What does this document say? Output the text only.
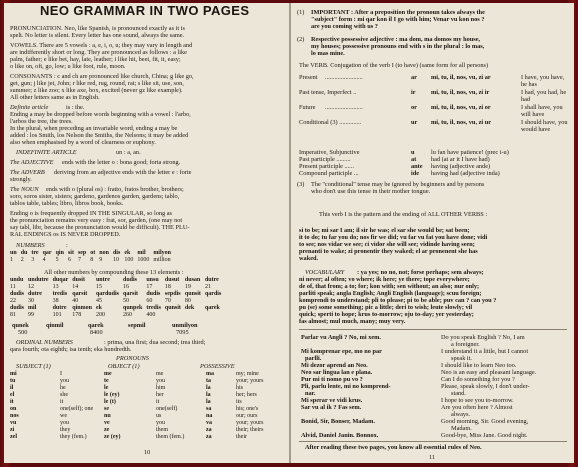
NEO GRAMMAR IN TWO PAGES
PRONUNCIATION. Neo, like Spanish, is pronounced exactly as it is
spelt. No letter is silent. Every letter has one sound, always the same.
VOWELS. There are 5 vowels : a, e, i, o, u; they may vary in length and
are indifferently short or long. They are pronounced as follows : a like
palm, father; e like bet, hay, late, leather; i like hit, beet, fit, it, easy;
o like on, oft, go, low; u like foot, rule, moon.
CONSONANTS : c and ch are pronounced like church, China; g like go,
get, gun; j like jet, John; r like red, rug, round, rat; s like sit, use, son,
summer; z like zoo; x like axe, box, excited (never gz like example).
All other letters same as in English.
Definite article	is : the.
Ending a may be dropped before words beginning with a vowel : l'arbo,
l'arbos the tree, the trees.
In the plural, when preceding an invariable word, ending a may be
added : los Smith, los Nelson the Smiths, the Nelsons; it may be added
also when emphasised by a word of clearness or euphony.
INDEFINITE ARTICLE	un : a, an.
The ADJECTIVE ends with the letter o : bona good; forta strong.
The ADVERB deriving from an adjective ends with the letter e : forte
strongly.
The NOUN ends with o (plural os) : fratto, fratos brother, brothers;
soro, soros sister, sisters; gardeno, gardenos garden, gardens; tablo,
tablos table, tables; libro, libros book, books.
Ending o is frequently dropped IN THE SINGULAR, so long as
the pronunciation remains very easy : frat, sor, garden, (one may not
say tabl, libr, because the pronunciation would be difficult). THE PLU-
RAL ENDINGS os IS NEVER DROPPED.
NUMBERS	:
un	du	tre	qar	qin	sit	sep	ot	non	dis	ek	mil	milyon
1	2	3	4	5	6	7	8	9	10	100	1000	million
All other numbers by compounding these 13 elements :
undu	undutre	duqar	dusit	untre	dudis	unsu	dusut	dusan	dutre
11	12	13	14	15	16	17	18	19	21
dudis	dutre	tredis	qarsit	qardudis	qarsit	dudis	sepdis	qunsit	qardis
22	30	38	40	45	50	60	70	80	
dudis	mil	dutre	qinmon	ek	qunpek	tredis	qunsit	dek	qarek
81	99	101	178	200	260	400			
qunek	qinmil	qarek	sepmil	unmilyon
500	8400	7095
ORDINAL NUMBERS	: prima, una first; dua second; trea third;
qara fourth; ota eighth; isa tenth; eka hundredth.
PRONOUNS
SUBJECT (1)	OBJECT (1)	POSSESSIVE
mi	I	me	me	ma	my; mine
tu	you	te	you	ta	your; yours
il	he	le	him	la	his
el	she	le (ey)	her	la	her; hers
it	it	le (t)	it	la	its
on	one(self); one	se	one(self)	sa	his; one's
nos	we	nu	us	na	our; ours
vu	you	ve	you	va	your; yours
zi	they	ze	them	za	their; theirs
zel	they (fem.)	ze (ey)	them (fem.)	za	their
10
(1) IMPORTANT : After a preposition the pronoun takes always the
"subject" form : mi qar kon il I go with him; Venar vu kon nos ?
are you coming with us ?
(2) Respective possessive adjective : ma dom, ma domos my house,
my houses; possessive pronouns end with s in the plural : lo mas,
lo mas mine.
The VERB. Conjugation of the verb I (to have) (same form for all persons)
Present ........................	ar mi, tu, il, nos, vu, zi ar	I have, you have, he has
Past tense, Imperfect ..	ir mi, tu, il, nos, vu, zi ir	I had, you had, he had
Future ........................	or mi, tu, il, nos, vu, zi or	I shall have, you will have
Conditional (3) ..............	ur mi, tu, il, nos, vu, zi ur	I should have, you would have
Imperative, Subjunctive	u	lu fan have patience! (prec i-u)
Past participle .........	at had (at ar it I have had)
Present participle ......	ante having (adjective ande)
Compound participle ...	ide having had (adjective inda)
(3) The "conditional" tense may be ignored by beginners and by persons
who don't use this tense in their mother tongue.
This verb I is the pattern and the ending of ALL OTHER VERBS :
si to be; mi sar I am; il sir he was; el sar she would be; sat been;
it to do; tu far you do; nos fir we did; vu far vu fat you have done; vidi
to see; nos vidar we see; ci vidor she will see; vidinde having seen;
prenanti to wake; zi pronentir they waked; el ar pronenent she has
waked.
VOCABULARY : ya yes; no no, not; forse perhaps; sem always;
ni never; al often; vo where; ik here; ye there; tope everywhere;
de of, that from; a to; for; kon with; sen without; an also; nur only;
parliti speak; angla English; Angli English (language); scuu foreign;
komprendi to understand; pli to please; pi to be able; puv can ? can you ?
pu (se) some something; pic a little; deri to wish; leute slowly; vil
quick; sperti to hope; krus to-morrow; oju to-day; yer yesterday;
fas almost; mul much, many; muy very.
Parlar vu Angli ? No, mi xem.	Do you speak English ? No, I am
a foreigner.
Mi komprenar epe, mo no par	I understand it a little, but I cannot
parlli.	speak it.
Mi dezor aprend an Neo.	I should like to learn Neo too.
Neo sar lingua lan e plana.	Neo is an easy and pleasant language.
Pur mi ti nomo pu vo ?	Can I do something for you ?
Pli, parlu lente, mi no komprend-	Please, speak slowly, I don't under-
nar.	stand.
Mi sperar ve vidi krus.	I hope to see you to-morrow.
Sar vu al ik ? Fas sem.	Are you often here ? Almost
always.
Bonid, Sir, Bonser, Madam.	Good morning, Sir. Good evening,
Madam.
Alvid, Daniel Janin. Bonnox.	Good-bye, Miss Jane. Good night.
After reading these two pages, you know all essential rules of Neo.
11
